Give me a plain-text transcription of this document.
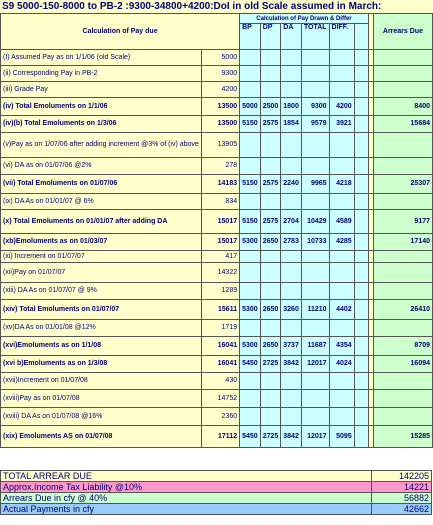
S9 5000-150-8000 to PB-2 :9300-34800+4200:DoI in old Scale assumed in March:
Calculation of Pay due		Calculation of Pay Drawn & Differ							Arrears Due
		BP	DP`	DA	TOTAL	DIFF.			
(I) Assumed Pay as on 1/1/06 (old Scale)	5000								
(ii) Corresponding Pay in PB-2	9300								
(iii) Grade Pay	4200								
(iv) Total Emoluments on 1/1/06	13500	5000	2500	1800	9300	4200			8400
(iv)(b) Total Emoluments on 1/3/06	13500	5150	2575	1854	9579	3921			15684
(v)Pay as on 1/07/06 after adding increment @3% of (iv) above	13905								
(vi) DA as on 01/07/06 @2%	278								
(vii) Total Emoluments on 01/07/06	14183	5150	2575	2240	9965	4218			25307
(ix) DA As on 01/01/07 @ 6%	834								
(x) Total Emoluments on 01/01/07 after adding DA	15017	5150	2575	2704	10429	4589			9177
(xb)Emoluments as on 01/03/07	15017	5300	2650	2783	10733	4285			17140
(xi) Increment on 01/07/07	417								
(xii)Pay on 01/07/07	14322								
(xiii) DA As on 01/07/07 @ 9%	1289								
(xiv) Total Emoluments on 01/07/07	15611	5300	2650	3260	11210	4402			26410
(xv)DA As on 01/01/08 @12%	1719								
(xvi)Emoluments as on 1/1/08	16041	5300	2650	3737	11687	4354			8709
(xvi b)Emoluments as on 1/3/08	16041	5450	2725	3842	12017	4024			16094
(xvii)Increment on 01/07/08	430								
(xviii)Pay as on 01/07/08	14752								
(xviii) DA As on 01/07/08 @16%	2360								
(xix) Emoluments AS on 01/07/08	17112	5450	2725	3842	12017	5095			15285
TOTAL ARREAR DUE	142205
Approx.Income Tax Liability @10%	14221
Arrears Due in cfy @ 40%	56882
Actual Payments in cfy	42662
